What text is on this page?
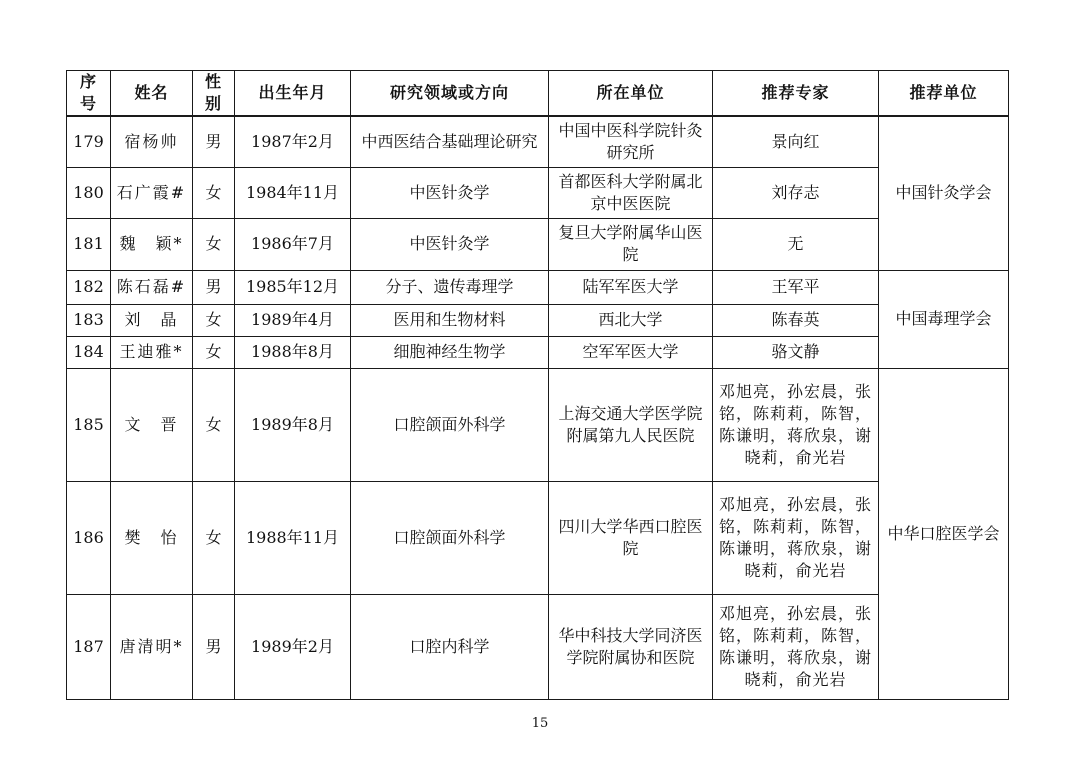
序号	姓名	性别	出生年月	研究领域或方向	所在单位	推荐专家	推荐单位
179	宿杨帅	男	1987年2月	中西医结合基础理论研究	中国中医科学院针灸研究所	景向红	中国针灸学会
180	石广霞#	女	1984年11月	中医针灸学	首都医科大学附属北京中医医院	刘存志	
181	魏　颖*	女	1986年7月	中医针灸学	复旦大学附属华山医院	无	
182	陈石磊#	男	1985年12月	分子、遗传毒理学	陆军军医大学	王军平	中国毒理学会
183	刘　晶	女	1989年4月	医用和生物材料	西北大学	陈春英	
184	王迪雅*	女	1988年8月	细胞神经生物学	空军军医大学	骆文静	
185	文　晋	女	1989年8月	口腔颌面外科学	上海交通大学医学院附属第九人民医院	邓旭亮，孙宏晨，张铭，陈莉莉，陈智，陈谦明，蒋欣泉，谢晓莉，俞光岩	中华口腔医学会
186	樊　怡	女	1988年11月	口腔颌面外科学	四川大学华西口腔医院	邓旭亮，孙宏晨，张铭，陈莉莉，陈智，陈谦明，蒋欣泉，谢晓莉，俞光岩	
187	唐清明*	男	1989年2月	口腔内科学	华中科技大学同济医学院附属协和医院	邓旭亮，孙宏晨，张铭，陈莉莉，陈智，陈谦明，蒋欣泉，谢晓莉，俞光岩	
15
